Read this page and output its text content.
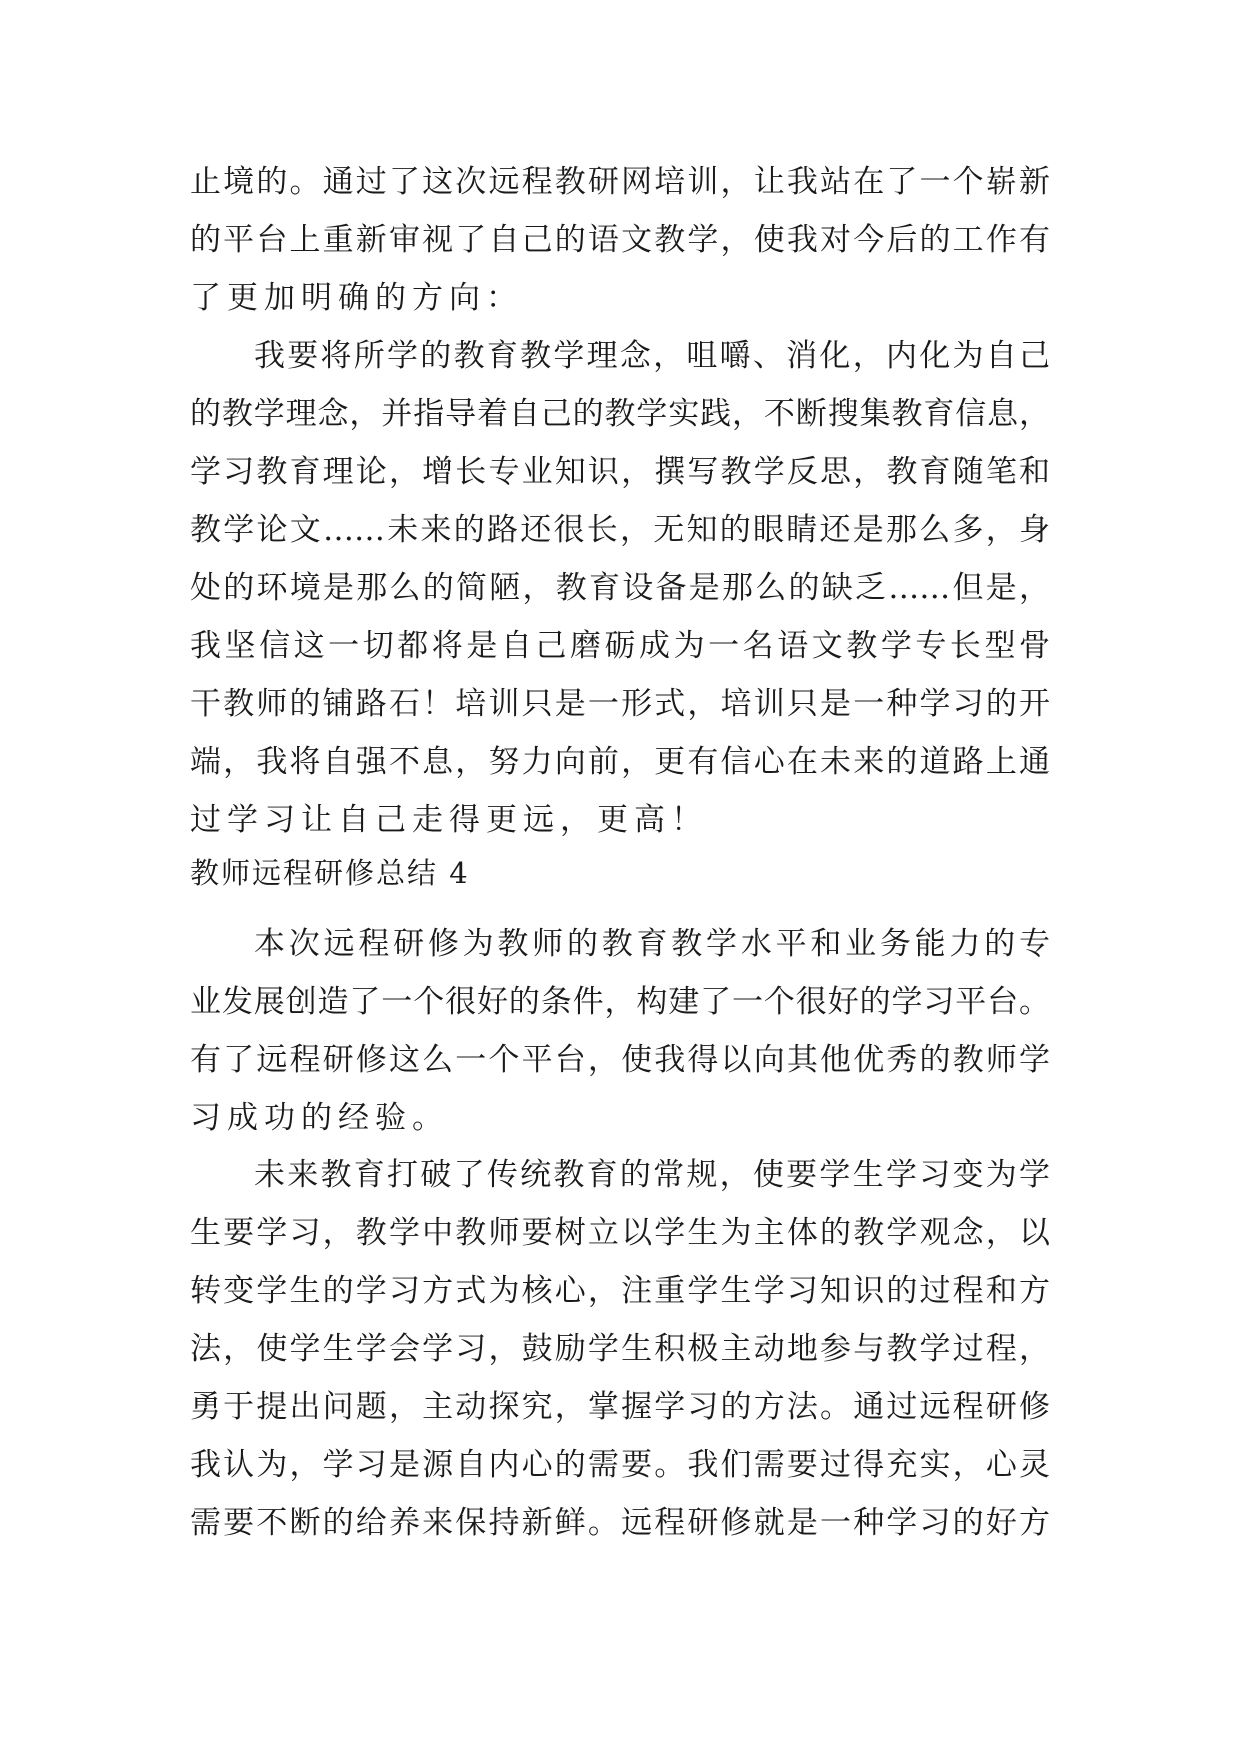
止境的。通过了这次远程教研网培训，让我站在了一个崭新
的平台上重新审视了自己的语文教学，使我对今后的工作有
了更加明确的方向：
我要将所学的教育教学理念，咀嚼、消化，内化为自己
的教学理念，并指导着自己的教学实践，不断搜集教育信息，
学习教育理论，增长专业知识，撰写教学反思，教育随笔和
教学论文……未来的路还很长，无知的眼睛还是那么多，身
处的环境是那么的简陋，教育设备是那么的缺乏……但是，
我坚信这一切都将是自己磨砺成为一名语文教学专长型骨
干教师的铺路石！培训只是一形式，培训只是一种学习的开
端，我将自强不息，努力向前，更有信心在未来的道路上通
过学习让自己走得更远，更高！
教师远程研修总结 4
本次远程研修为教师的教育教学水平和业务能力的专
业发展创造了一个很好的条件，构建了一个很好的学习平台。
有了远程研修这么一个平台，使我得以向其他优秀的教师学
习成功的经验。
未来教育打破了传统教育的常规，使要学生学习变为学
生要学习，教学中教师要树立以学生为主体的教学观念，以
转变学生的学习方式为核心，注重学生学习知识的过程和方
法，使学生学会学习，鼓励学生积极主动地参与教学过程，
勇于提出问题，主动探究，掌握学习的方法。通过远程研修
我认为，学习是源自内心的需要。我们需要过得充实，心灵
需要不断的给养来保持新鲜。远程研修就是一种学习的好方
